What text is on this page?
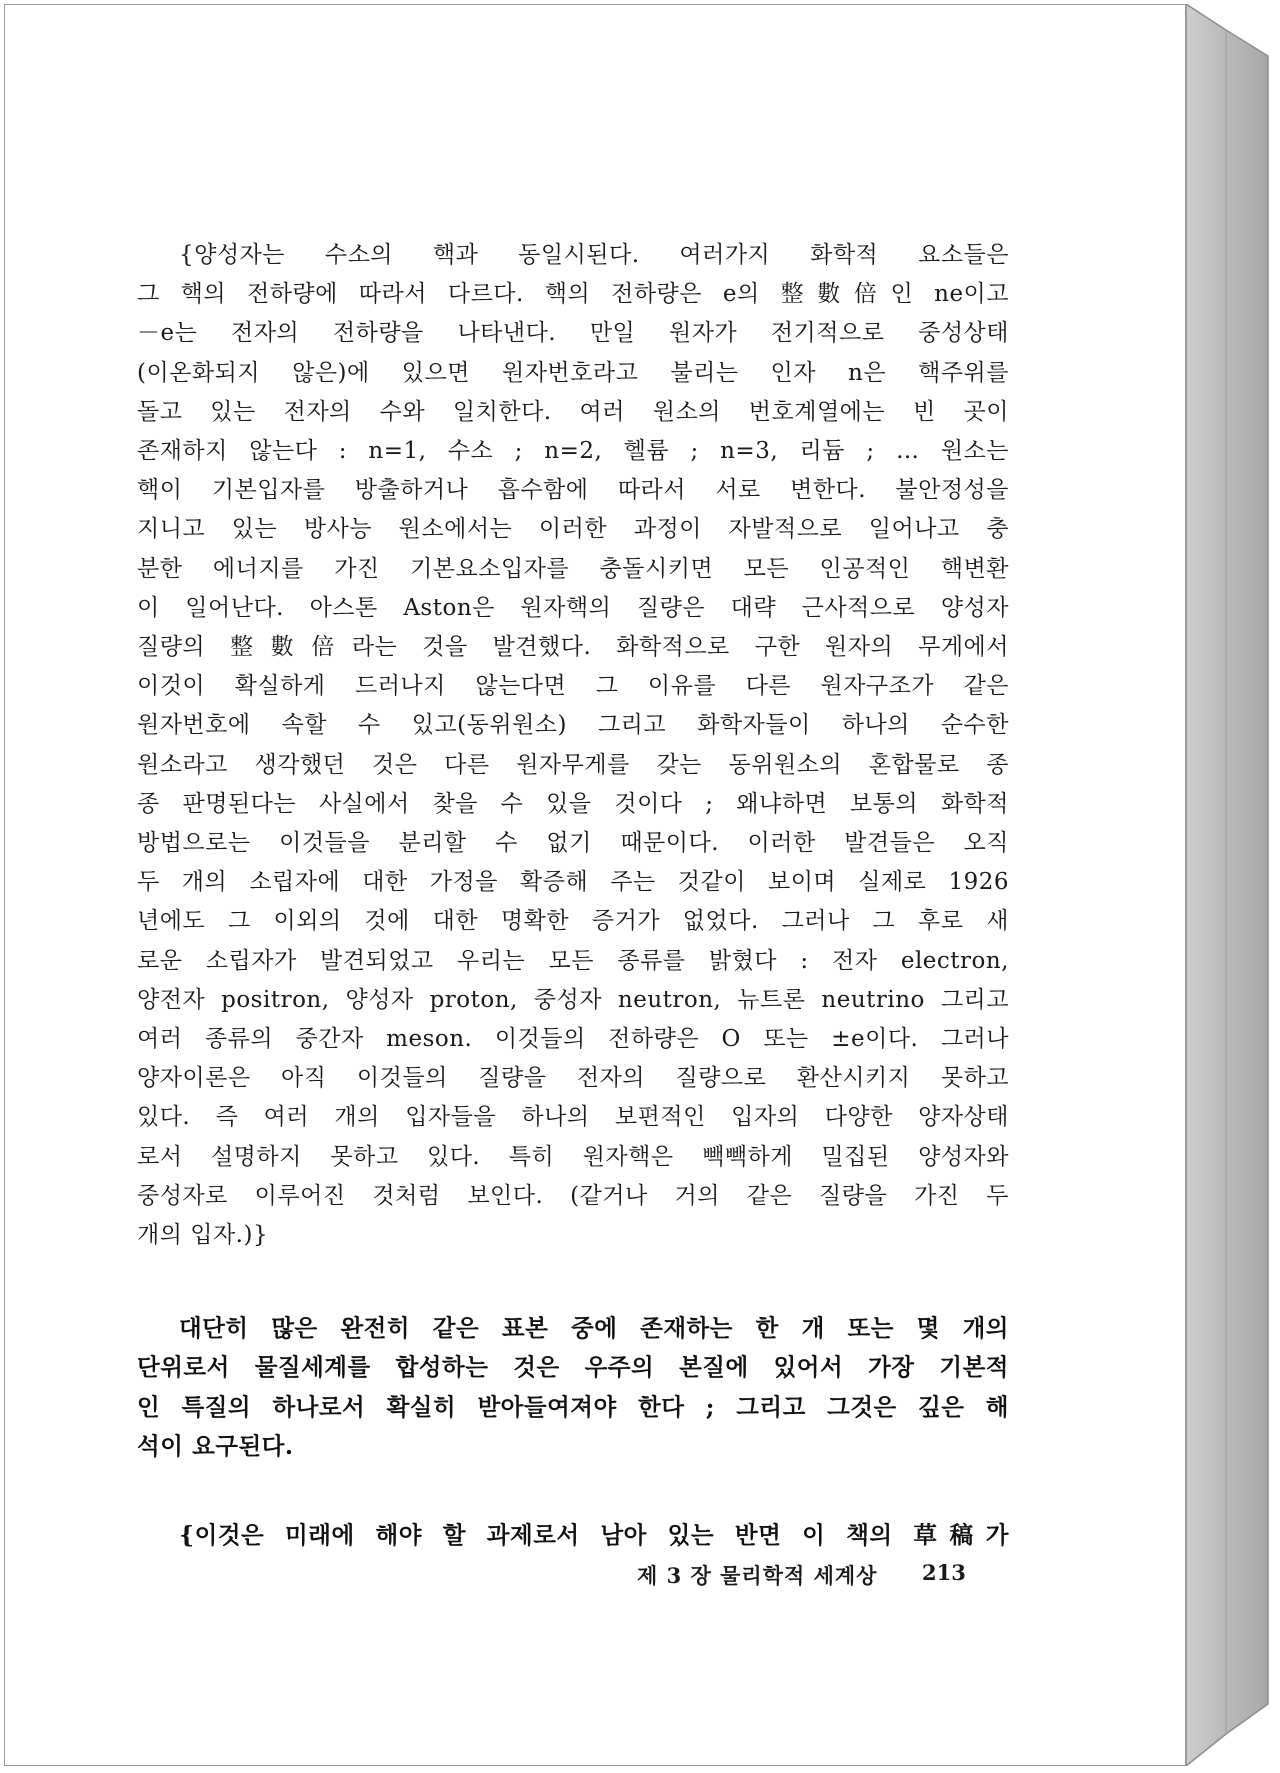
{양성자는 수소의 핵과 동일시된다. 여러가지 화학적 요소들은
그 핵의 전하량에 따라서 다르다. 핵의 전하량은 e의 整數倍인 ne이고
－e는 전자의 전하량을 나타낸다. 만일 원자가 전기적으로 중성상태
(이온화되지 않은)에 있으면 원자번호라고 불리는 인자 n은 핵주위를
돌고 있는 전자의 수와 일치한다. 여러 원소의 번호계열에는 빈 곳이
존재하지 않는다 : n=1, 수소 ; n=2, 헬륨 ; n=3, 리듐 ; … 원소는
핵이 기본입자를 방출하거나 흡수함에 따라서 서로 변한다. 불안정성을
지니고 있는 방사능 원소에서는 이러한 과정이 자발적으로 일어나고 충
분한 에너지를 가진 기본요소입자를 충돌시키면 모든 인공적인 핵변환
이 일어난다. 아스톤 Aston은 원자핵의 질량은 대략 근사적으로 양성자
질량의 整數倍라는 것을 발견했다. 화학적으로 구한 원자의 무게에서
이것이 확실하게 드러나지 않는다면 그 이유를 다른 원자구조가 같은
원자번호에 속할 수 있고(동위원소) 그리고 화학자들이 하나의 순수한
원소라고 생각했던 것은 다른 원자무게를 갖는 동위원소의 혼합물로 종
종 판명된다는 사실에서 찾을 수 있을 것이다 ; 왜냐하면 보통의 화학적
방법으로는 이것들을 분리할 수 없기 때문이다. 이러한 발견들은 오직
두 개의 소립자에 대한 가정을 확증해 주는 것같이 보이며 실제로 1926
년에도 그 이외의 것에 대한 명확한 증거가 없었다. 그러나 그 후로 새
로운 소립자가 발견되었고 우리는 모든 종류를 밝혔다 : 전자 electron,
양전자 positron, 양성자 proton, 중성자 neutron, 뉴트론 neutrino 그리고
여러 종류의 중간자 meson. 이것들의 전하량은 O 또는 ±e이다. 그러나
양자이론은 아직 이것들의 질량을 전자의 질량으로 환산시키지 못하고
있다. 즉 여러 개의 입자들을 하나의 보편적인 입자의 다양한 양자상태
로서 설명하지 못하고 있다. 특히 원자핵은 빽빽하게 밀집된 양성자와
중성자로 이루어진 것처럼 보인다. (같거나 거의 같은 질량을 가진 두
개의 입자.)}
대단히 많은 완전히 같은 표본 중에 존재하는 한 개 또는 몇 개의
단위로서 물질세계를 합성하는 것은 우주의 본질에 있어서 가장 기본적
인 특질의 하나로서 확실히 받아들여져야 한다 ; 그리고 그것은 깊은 해
석이 요구된다.
{이것은 미래에 해야 할 과제로서 남아 있는 반면 이 책의 草稿가
제 3 장 물리학적 세계상 213
